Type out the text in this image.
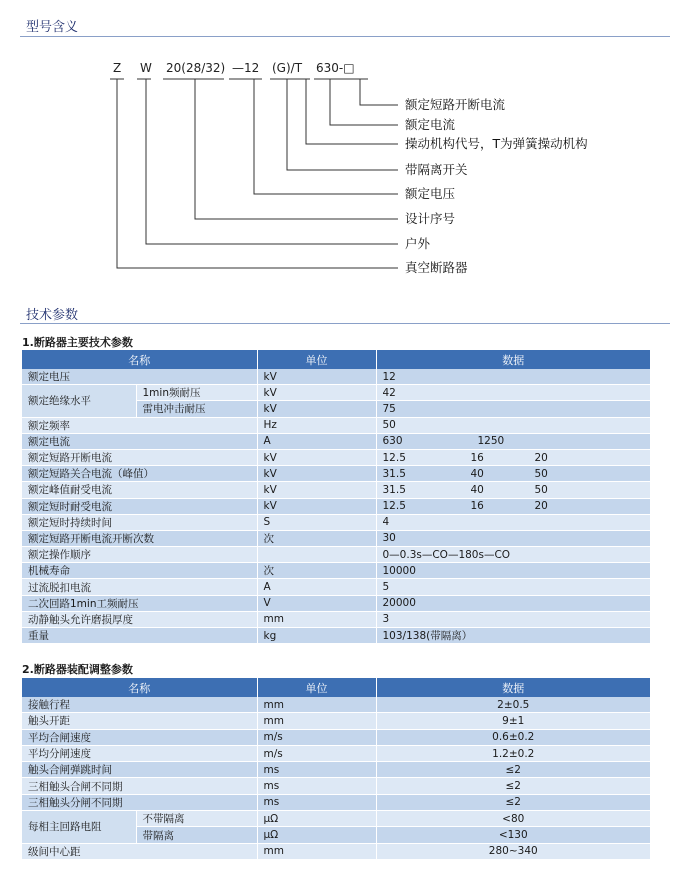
型号含义
Z W 20(28/32) —12 (G)/T 630-□
额定短路开断电流
额定电流
操动机构代号，T为弹簧操动机构
带隔离开关
额定电压
设计序号
户外
真空断路器
技术参数
1.断路器主要技术参数
名称		单位	数据
额定电压		kV	12
额定绝缘水平	1min频耐压	kV	42
	雷电冲击耐压	kV	75
额定频率		Hz	50
额定电流		A	630 1250
额定短路开断电流		kV	12.5 16 20
额定短路关合电流（峰值）		kV	31.5 40 50
额定峰值耐受电流		kV	31.5 40 50
额定短时耐受电流		kV	12.5 16 20
额定短时持续时间		S	4
额定短路开断电流开断次数		次	30
额定操作顺序			0—0.3s—CO—180s—CO
机械寿命		次	10000
过流脱扣电流		A	5
二次回路1min工频耐压		V	20000
动静触头允许磨损厚度		mm	3
重量		kg	103/138(带隔离）
2.断路器装配调整参数
名称		单位	数据
接触行程		mm	2±0.5
触头开距		mm	9±1
平均合闸速度		m/s	0.6±0.2
平均分闸速度		m/s	1.2±0.2
触头合闸弹跳时间		ms	≤2
三相触头合闸不同期		ms	≤2
三相触头分闸不同期		ms	≤2
每相主回路电阻	不带隔离	μΩ	<80
	带隔离	μΩ	<130
级间中心距		mm	280~340
